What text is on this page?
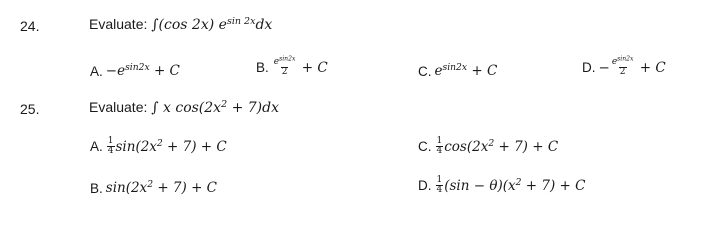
24.	Evaluate: ∫(cos 2x) $e^{sin 2x}dx$
A. $-e^{sin2x} + C$	B. $\frac{e^{sin2x}}{2} + C$	C. $e^{sin2x} + C$	D. − $\frac{e^{sin2x}}{2} + C$
25.	Evaluate: ∫ x $\cos(2x^2 + 7)dx$
A. $\frac{1}{4} \sin(2x^2 + 7) + C$
B. $\sin(2x^2 + 7) + C$
C. $\frac{1}{4} \cos(2x^2 + 7) + C$
D. $\frac{1}{4} (\sin - \theta)(x^2 + 7) + C$
